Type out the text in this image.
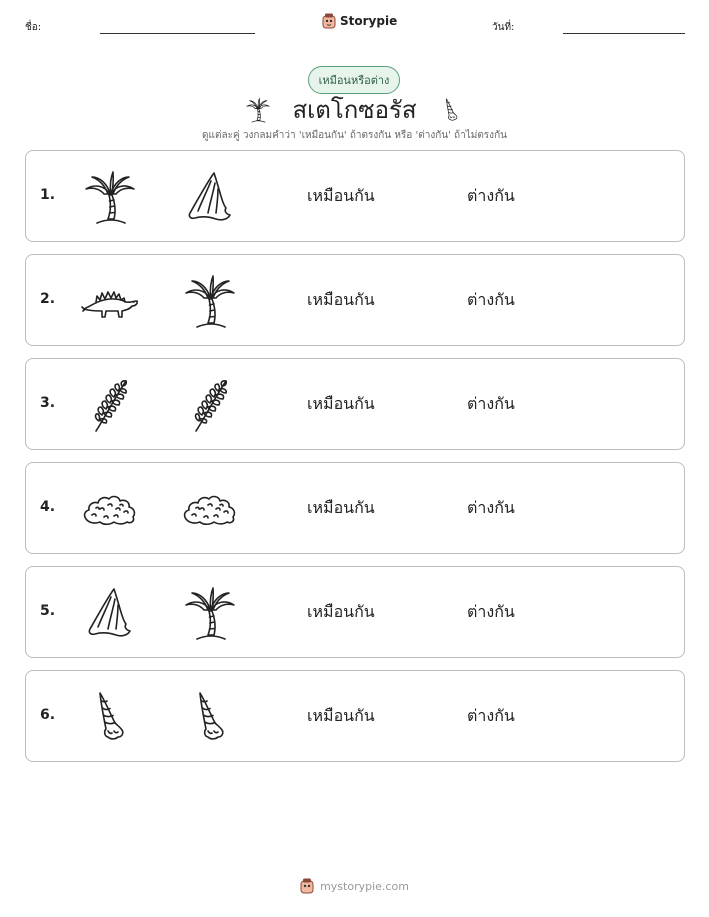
ชื่อ:	Storypie	วันที่:
เหมือนหรือต่าง
สเตโกซอรัส
ดูแต่ละคู่ วงกลมคำว่า 'เหมือนกัน' ถ้าตรงกัน หรือ 'ต่างกัน' ถ้าไม่ตรงกัน
1.	เหมือนกัน	ต่างกัน
2.	เหมือนกัน	ต่างกัน
3.	เหมือนกัน	ต่างกัน
4.	เหมือนกัน	ต่างกัน
5.	เหมือนกัน	ต่างกัน
6.	เหมือนกัน	ต่างกัน
mystorypie.com
